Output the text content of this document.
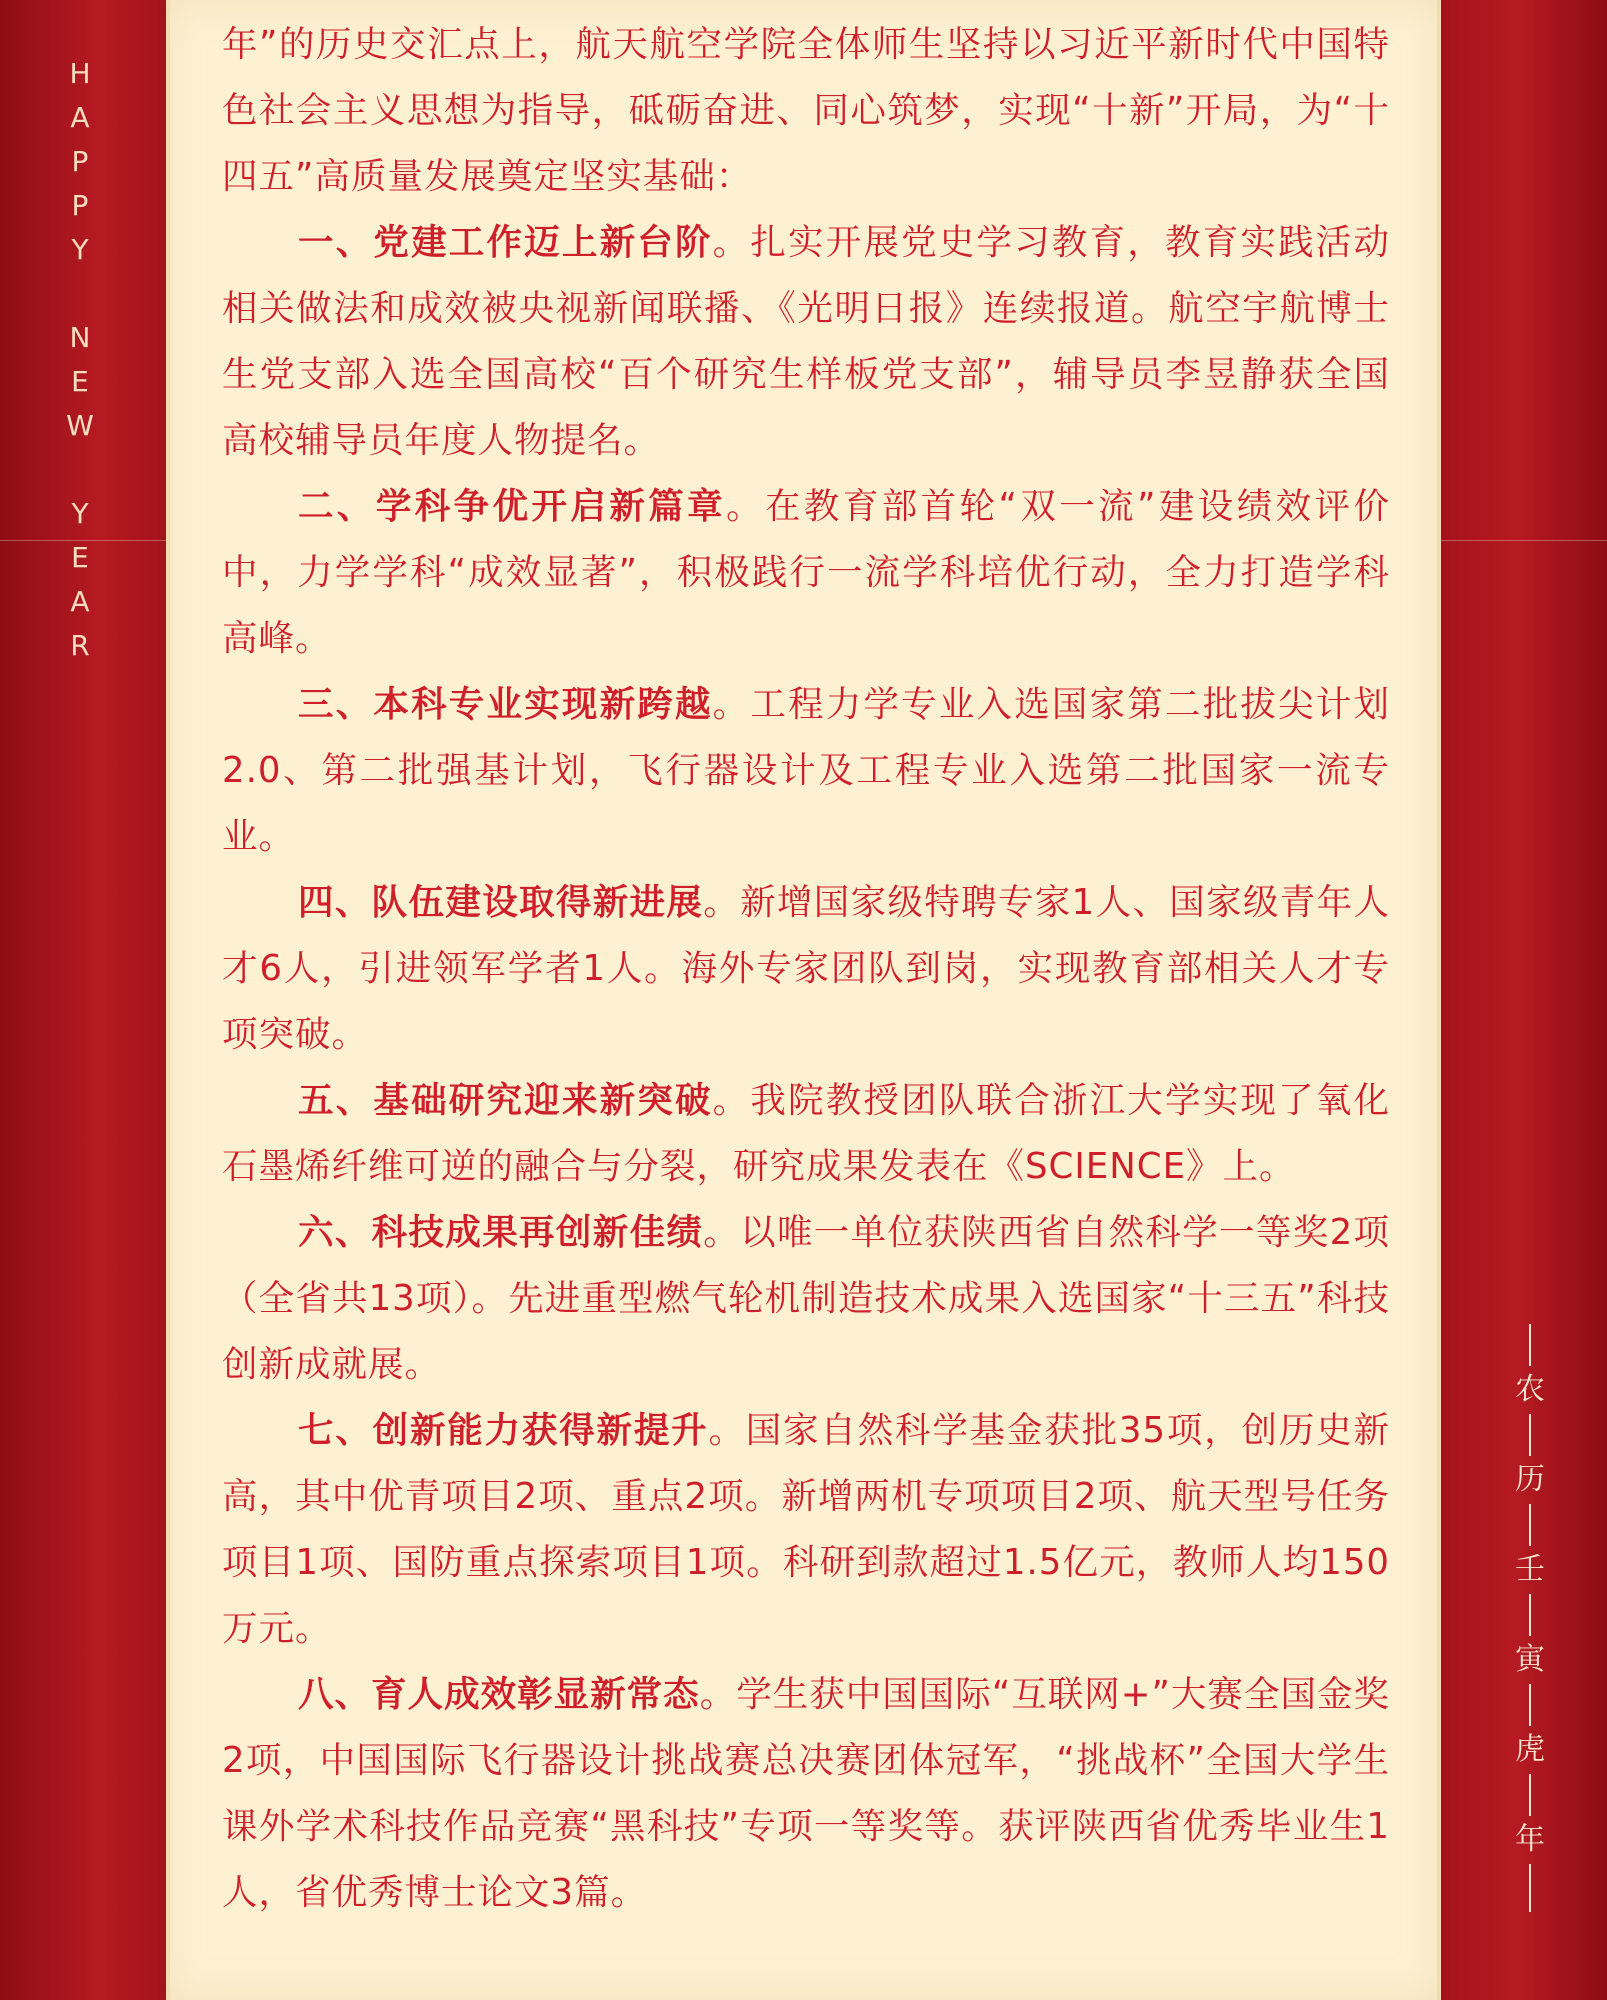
H
A
P
P
Y
N
E
W
Y
E
A
R
农
历
壬
寅
虎
年

年”的历史交汇点上，航天航空学院全体师生坚持以习近平新时代中国特色社会主义思想为指导，砥砺奋进、同心筑梦，实现“十新”开局，为“十四五”高质量发展奠定坚实基础：

一、党建工作迈上新台阶。扎实开展党史学习教育，教育实践活动相关做法和成效被央视新闻联播、《光明日报》连续报道。航空宇航博士生党支部入选全国高校“百个研究生样板党支部”，辅导员李昱静获全国高校辅导员年度人物提名。

二、学科争优开启新篇章。在教育部首轮“双一流”建设绩效评价中，力学学科“成效显著”，积极践行一流学科培优行动，全力打造学科高峰。

三、本科专业实现新跨越。工程力学专业入选国家第二批拔尖计划2.0、第二批强基计划，飞行器设计及工程专业入选第二批国家一流专业。

四、队伍建设取得新进展。新增国家级特聘专家1人、国家级青年人才6人，引进领军学者1人。海外专家团队到岗，实现教育部相关人才专项突破。

五、基础研究迎来新突破。我院教授团队联合浙江大学实现了氧化石墨烯纤维可逆的融合与分裂，研究成果发表在《SCIENCE》上。

六、科技成果再创新佳绩。以唯一单位获陕西省自然科学一等奖2项（全省共13项）。先进重型燃气轮机制造技术成果入选国家“十三五”科技创新成就展。

七、创新能力获得新提升。国家自然科学基金获批35项，创历史新高，其中优青项目2项、重点2项。新增两机专项项目2项、航天型号任务项目1项、国防重点探索项目1项。科研到款超过1.5亿元，教师人均150万元。

八、育人成效彰显新常态。学生获中国国际“互联网+”大赛全国金奖2项，中国国际飞行器设计挑战赛总决赛团体冠军，“挑战杯”全国大学生课外学术科技作品竞赛“黑科技”专项一等奖等。获评陕西省优秀毕业生1人，省优秀博士论文3篇。
